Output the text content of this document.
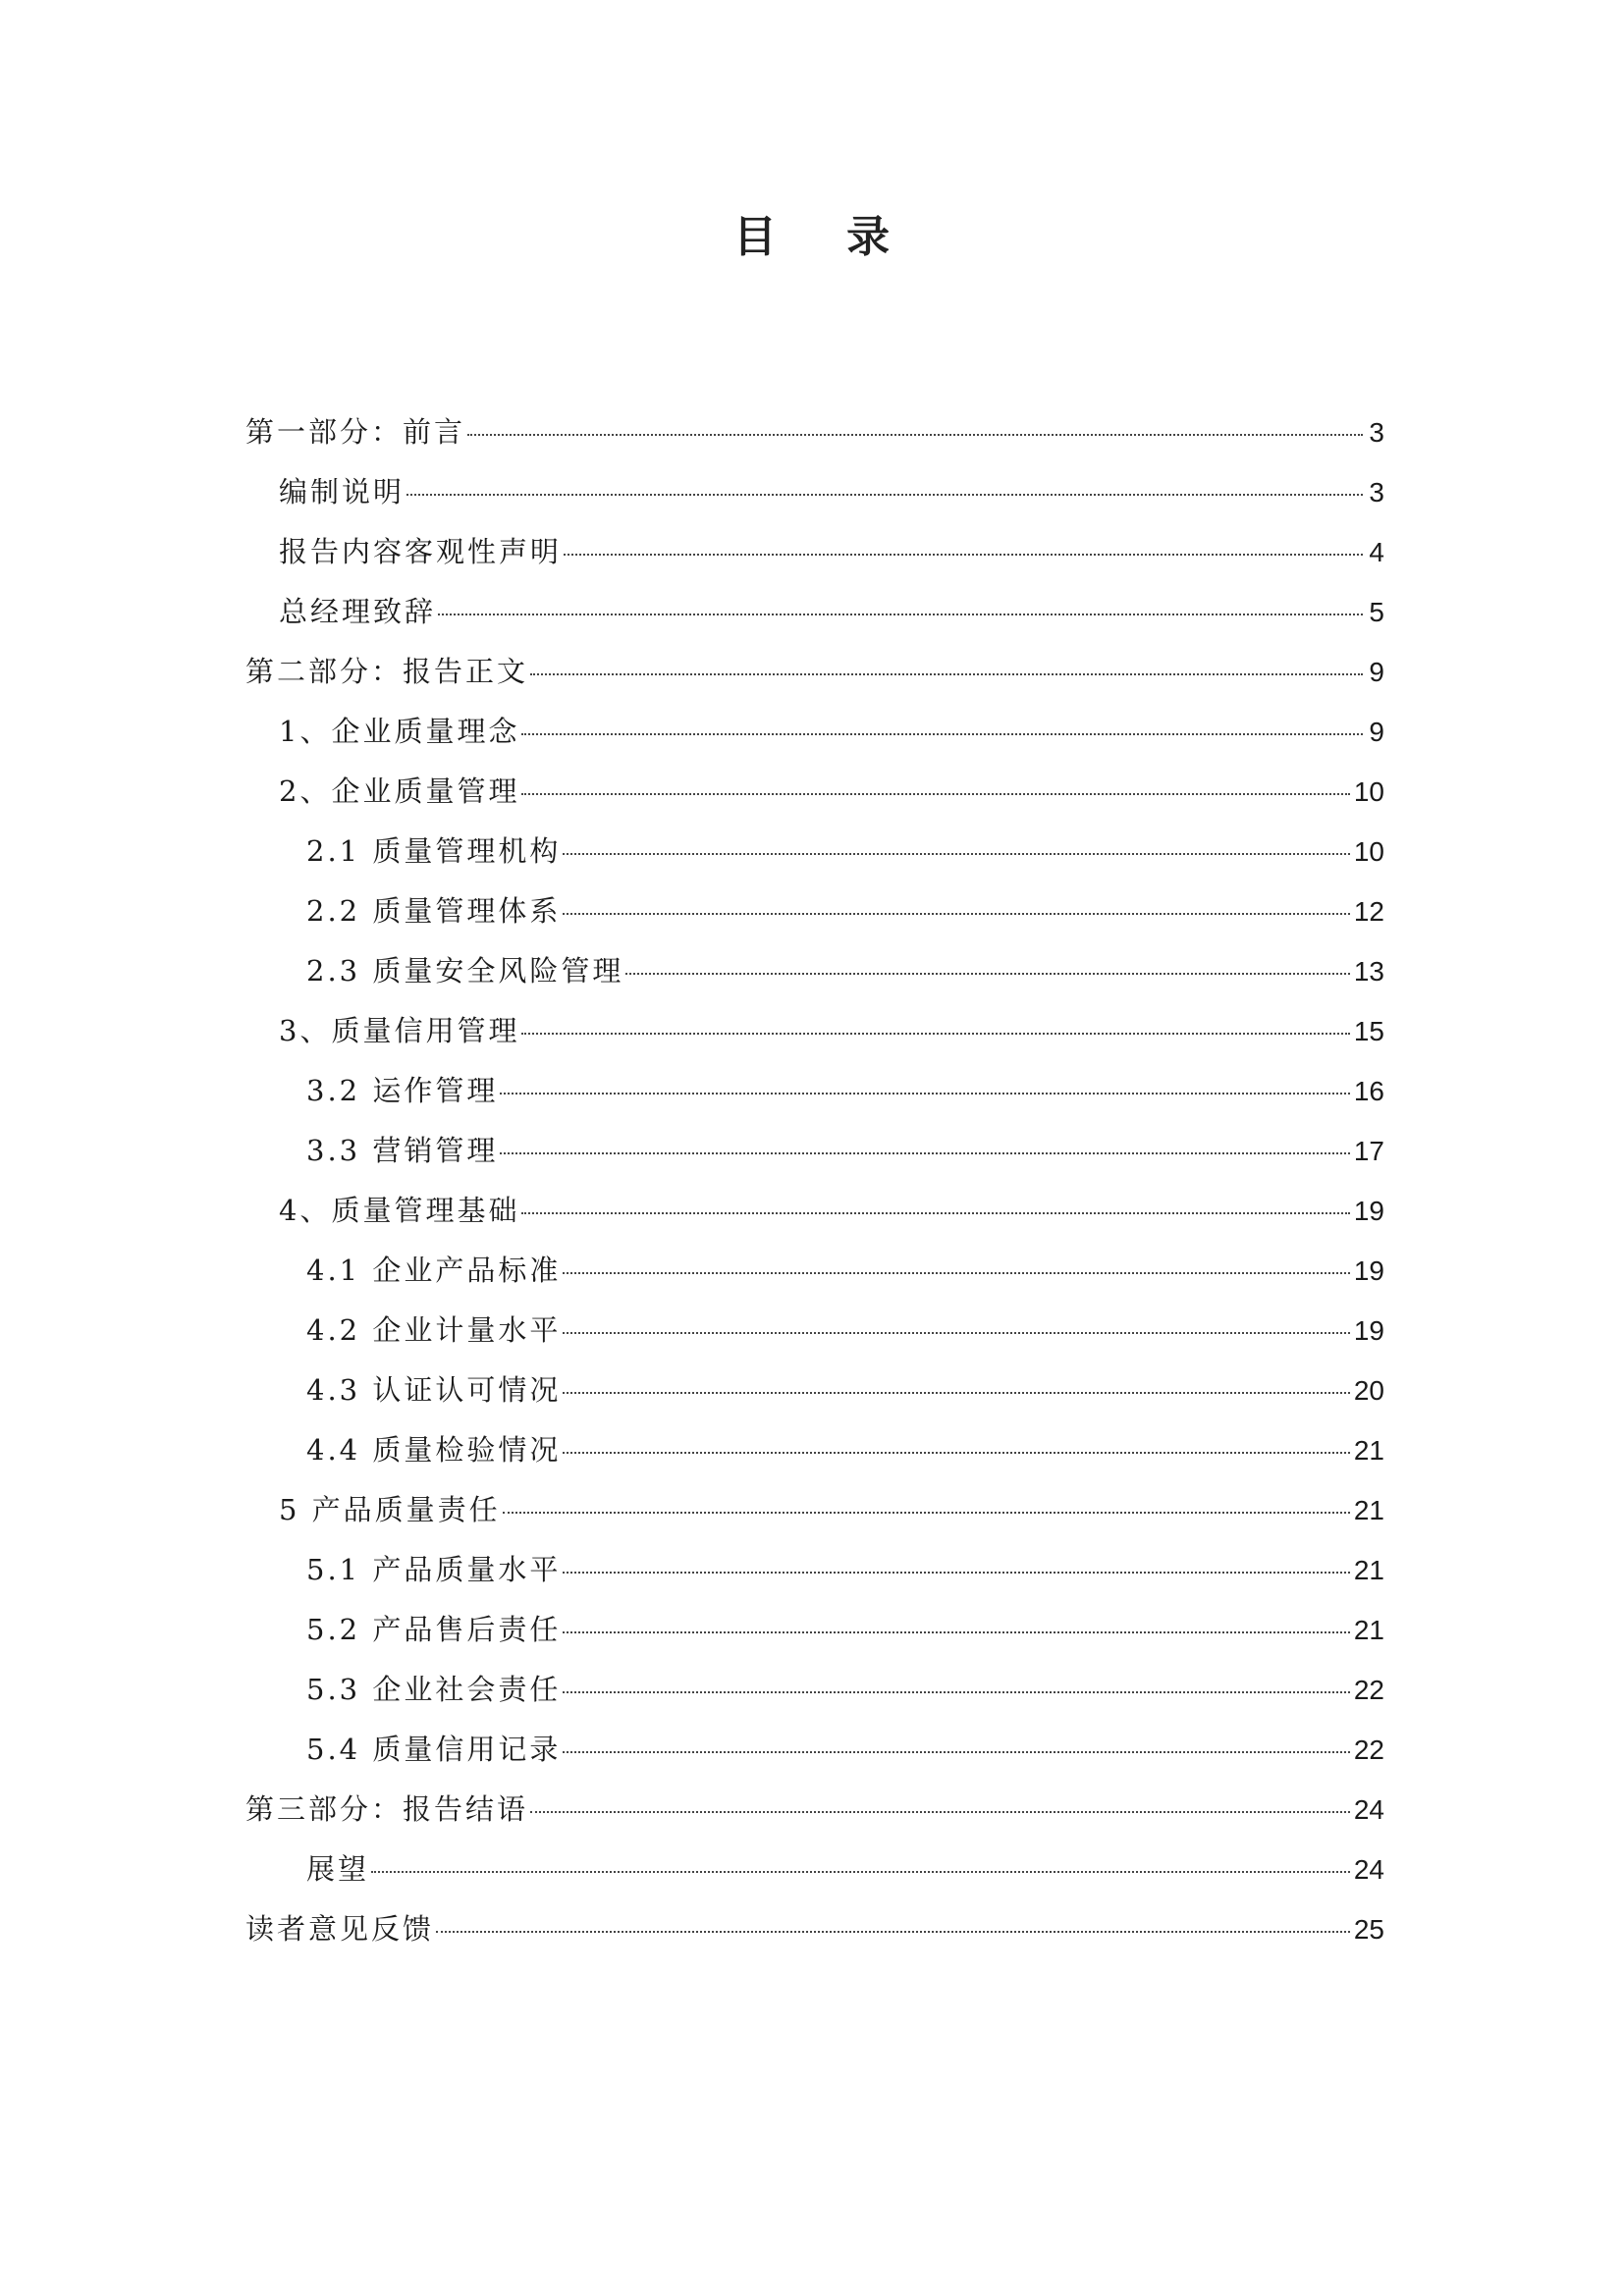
目 录
第一部分：前言	3
编制说明	3
报告内容客观性声明	4
总经理致辞	5
第二部分：报告正文	9
1、企业质量理念	9
2、企业质量管理	10
2.1 质量管理机构	10
2.2 质量管理体系	12
2.3 质量安全风险管理	13
3、质量信用管理	15
3.2 运作管理	16
3.3 营销管理	17
4、质量管理基础	19
4.1 企业产品标准	19
4.2 企业计量水平	19
4.3 认证认可情况	20
4.4 质量检验情况	21
5 产品质量责任	21
5.1 产品质量水平	21
5.2 产品售后责任	21
5.3 企业社会责任	22
5.4 质量信用记录	22
第三部分：报告结语	24
展望	24
读者意见反馈	25
